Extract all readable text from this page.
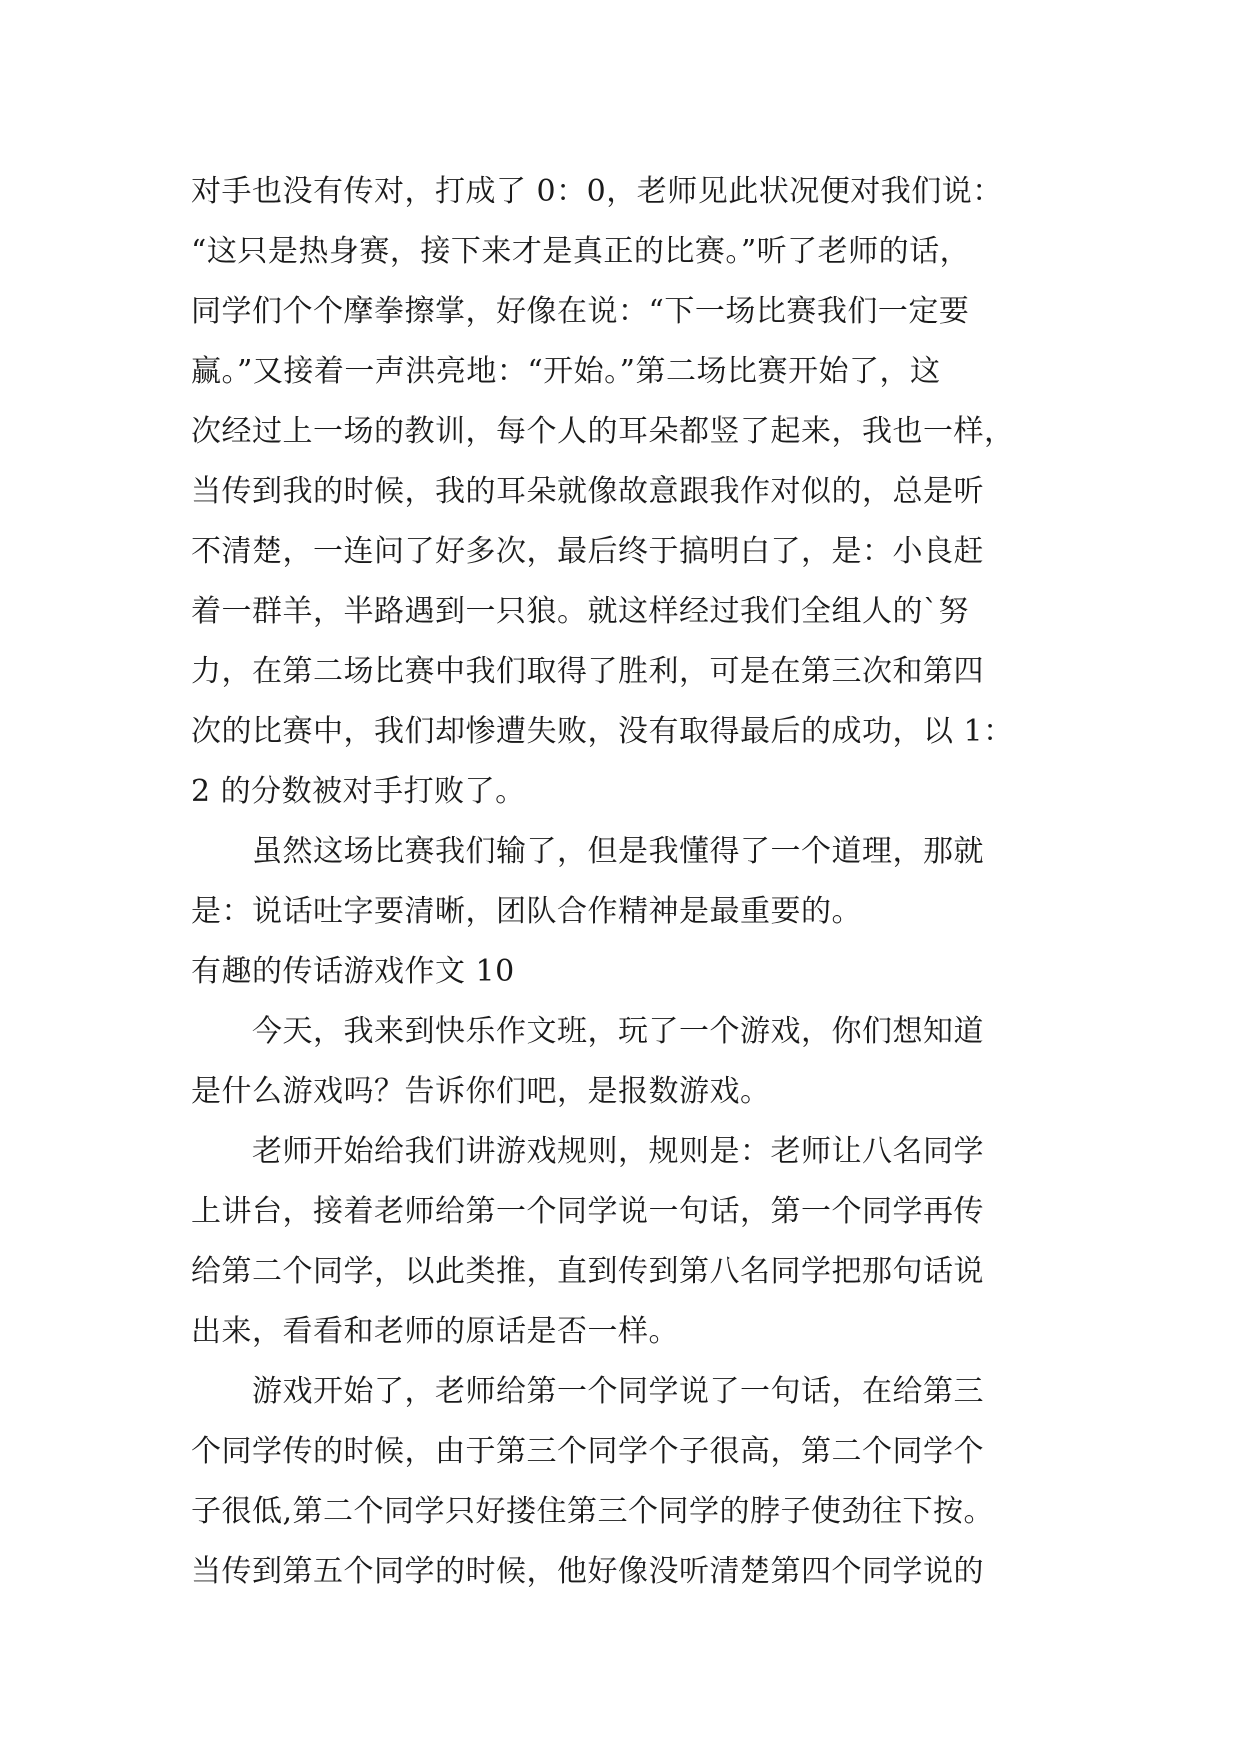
对手也没有传对，打成了 0：0，老师见此状况便对我们说：
“这只是热身赛，接下来才是真正的比赛。”听了老师的话，
同学们个个摩拳擦掌，好像在说：“下一场比赛我们一定要
赢。”又接着一声洪亮地：“开始。”第二场比赛开始了，这
次经过上一场的教训，每个人的耳朵都竖了起来，我也一样，
当传到我的时候，我的耳朵就像故意跟我作对似的，总是听
不清楚，一连问了好多次，最后终于搞明白了，是：小良赶
着一群羊，半路遇到一只狼。就这样经过我们全组人的`努
力，在第二场比赛中我们取得了胜利，可是在第三次和第四
次的比赛中，我们却惨遭失败，没有取得最后的成功，以 1：
2 的分数被对手打败了。
　　虽然这场比赛我们输了，但是我懂得了一个道理，那就
是：说话吐字要清晰，团队合作精神是最重要的。
有趣的传话游戏作文 10
　　今天，我来到快乐作文班，玩了一个游戏，你们想知道
是什么游戏吗？告诉你们吧，是报数游戏。
　　老师开始给我们讲游戏规则，规则是：老师让八名同学
上讲台，接着老师给第一个同学说一句话，第一个同学再传
给第二个同学，以此类推，直到传到第八名同学把那句话说
出来，看看和老师的原话是否一样。
　　游戏开始了，老师给第一个同学说了一句话，在给第三
个同学传的时候，由于第三个同学个子很高，第二个同学个
子很低,第二个同学只好搂住第三个同学的脖子使劲往下按。
当传到第五个同学的时候，他好像没听清楚第四个同学说的
